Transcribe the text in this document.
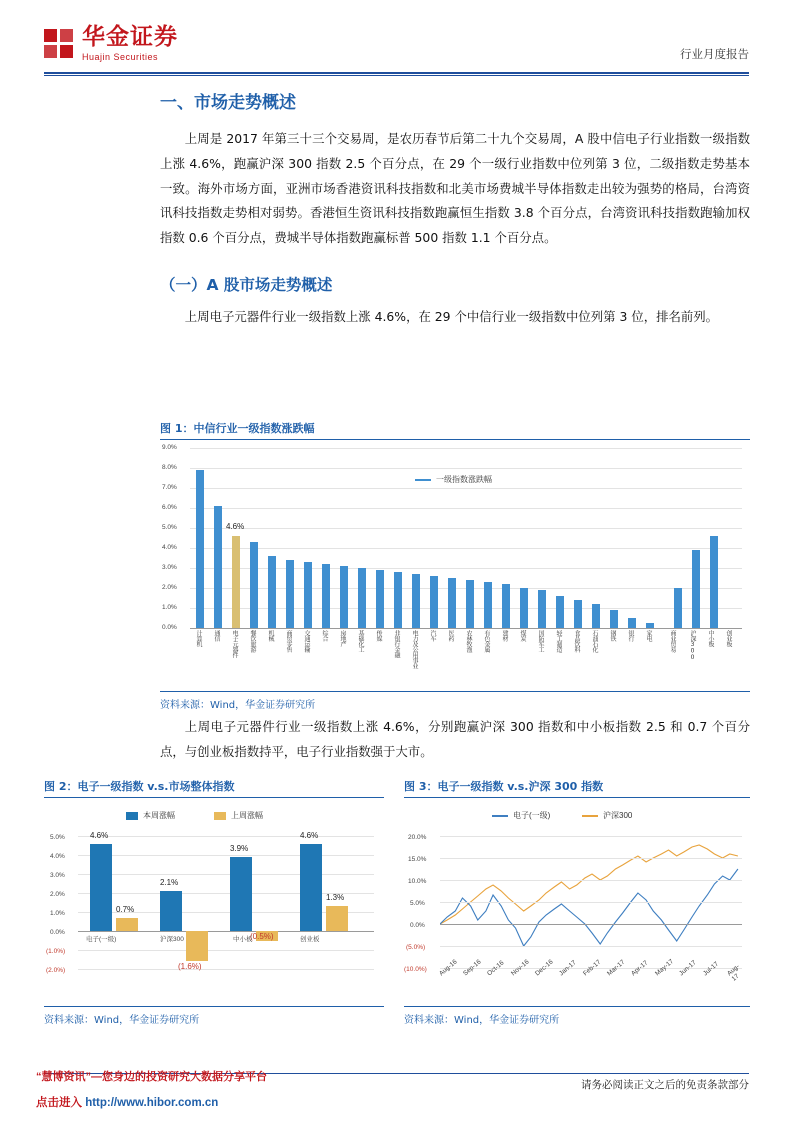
华金证券
Huajin Securities	行业月度报告
一、市场走势概述

上周是 2017 年第三十三个交易周，是农历春节后第二十九个交易周，A 股中信电子行业指数一级指数上涨 4.6%，跑赢沪深 300 指数 2.5 个百分点，在 29 个一级行业指数中位列第 3 位，二级指数走势基本一致。海外市场方面，亚洲市场香港资讯科技指数和北美市场费城半导体指数走出较为强势的格局，台湾资讯科技指数走势相对弱势。香港恒生资讯科技指数跑赢恒生指数 3.8 个百分点，台湾资讯科技指数跑输加权指数 0.6 个百分点，费城半导体指数跑赢标普 500 指数 1.1 个百分点。

（一）A 股市场走势概述

上周电子元器件行业一级指数上涨 4.6%，在 29 个中信行业一级指数中位列第 3 位，排名前列。

图 1：中信行业一级指数涨跌幅
9.0%
8.0%
7.0%
6.0%
5.0%
4.0%
3.0%
2.0%
1.0%
0.0%
一级指数涨跌幅
4.6%
计算机 通信 电子元器件 餐饮旅游 机械 商贸零售 交通运输 综合 房地产 基础化工 传媒 非银行金融 电力及公用事业 汽车 医药 农林牧渔 有色金属 建材 煤炭 国防军工 轻工制造 食品饮料 石油石化 钢铁 银行 家电	商业贸易 沪深300 中小板 创业板
资料来源：Wind，华金证券研究所

上周电子元器件行业一级指数上涨 4.6%，分别跑赢沪深 300 指数和中小板指数 2.5 和 0.7 个百分点，与创业板指数持平，电子行业指数强于大市。

图 2：电子一级指数 v.s.市场整体指数
本周涨幅	上周涨幅
5.0%
4.0%
3.0%
2.0%
1.0%
0.0%
(1.0%)
(2.0%)
4.6%
0.7%
2.1%
(1.6%)
3.9%
(0.5%)
4.6%
1.3%
电子(一级)	沪深300	中小板	创业板
资料来源：Wind，华金证券研究所
图 3：电子一级指数 v.s.沪深 300 指数
电子(一级)	沪深300
20.0%
15.0%
10.0%
5.0%
0.0%
(5.0%)
(10.0%) Aug-16 Sep-16 Oct-16 Nov-16 Dec-16 Jan-17 Feb-17 Mar-17 Apr-17 May-17 Jun-17 Jul-17 Aug-17
资料来源：Wind，华金证券研究所
请务必阅读正文之后的免责条款部分
“慧博资讯”—您身边的投资研究大数据分享平台
点击进入 http://www.hibor.com.cn
